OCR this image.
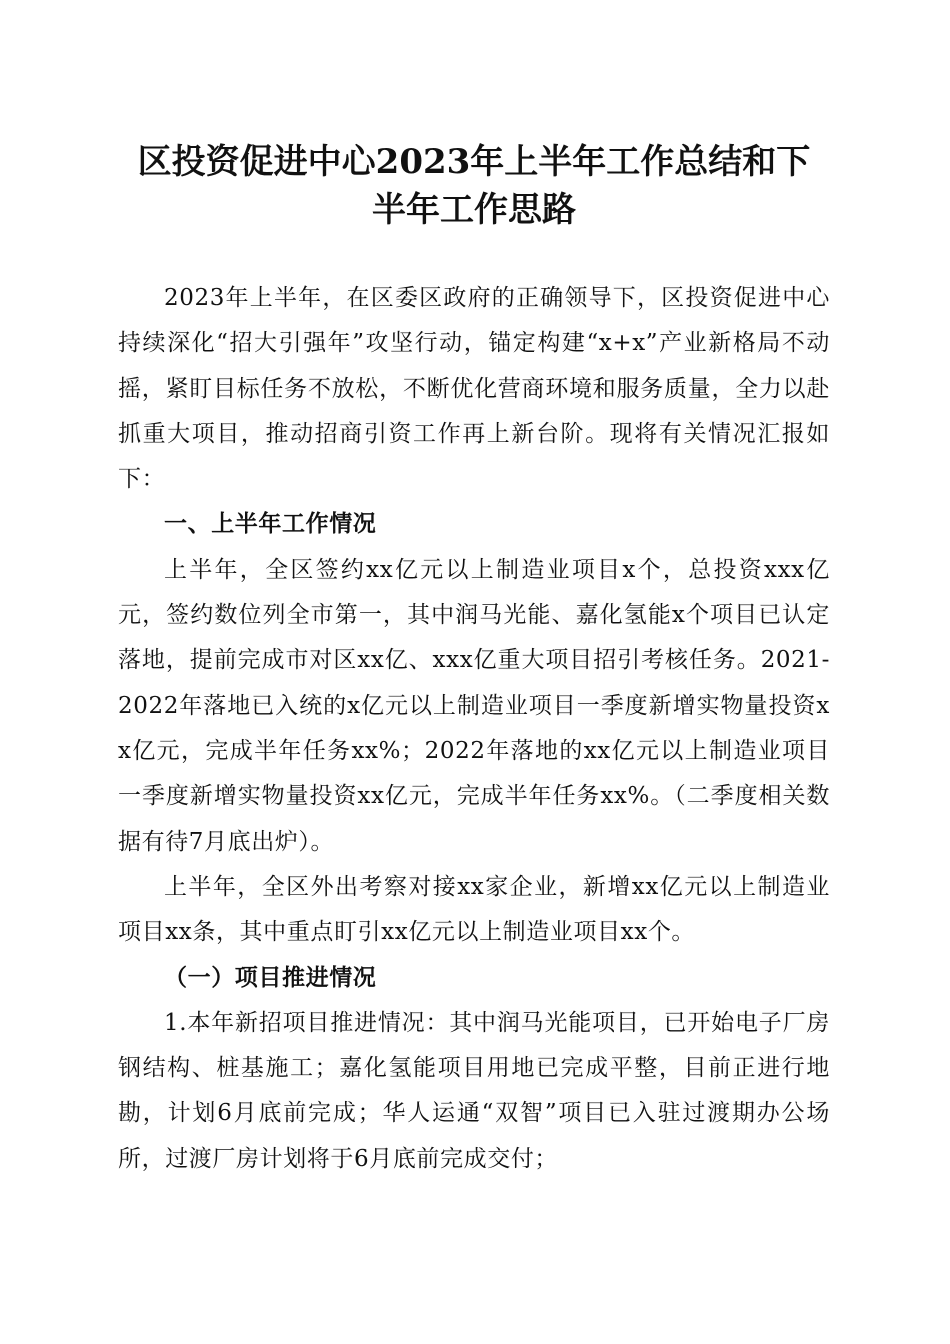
区投资促进中心2023年上半年工作总结和下
半年工作思路

2023年上半年，在区委区政府的正确领导下，区投资促进中心持续深化“招大引强年”攻坚行动，锚定构建“x+x”产业新格局不动摇，紧盯目标任务不放松，不断优化营商环境和服务质量，全力以赴抓重大项目，推动招商引资工作再上新台阶。现将有关情况汇报如下：

一、上半年工作情况

上半年，全区签约xx亿元以上制造业项目x个，总投资xxx亿元，签约数位列全市第一，其中润马光能、嘉化氢能x个项目已认定落地，提前完成市对区xx亿、xxx亿重大项目招引考核任务。2021-2022年落地已入统的x亿元以上制造业项目一季度新增实物量投资xx亿元，完成半年任务xx%；2022年落地的xx亿元以上制造业项目一季度新增实物量投资xx亿元，完成半年任务xx%。（二季度相关数据有待7月底出炉）。

上半年，全区外出考察对接xx家企业，新增xx亿元以上制造业项目xx条，其中重点盯引xx亿元以上制造业项目xx个。

（一）项目推进情况

1.本年新招项目推进情况：其中润马光能项目，已开始电子厂房钢结构、桩基施工；嘉化氢能项目用地已完成平整，目前正进行地勘，计划6月底前完成；华人运通“双智”项目已入驻过渡期办公场所，过渡厂房计划将于6月底前完成交付；
